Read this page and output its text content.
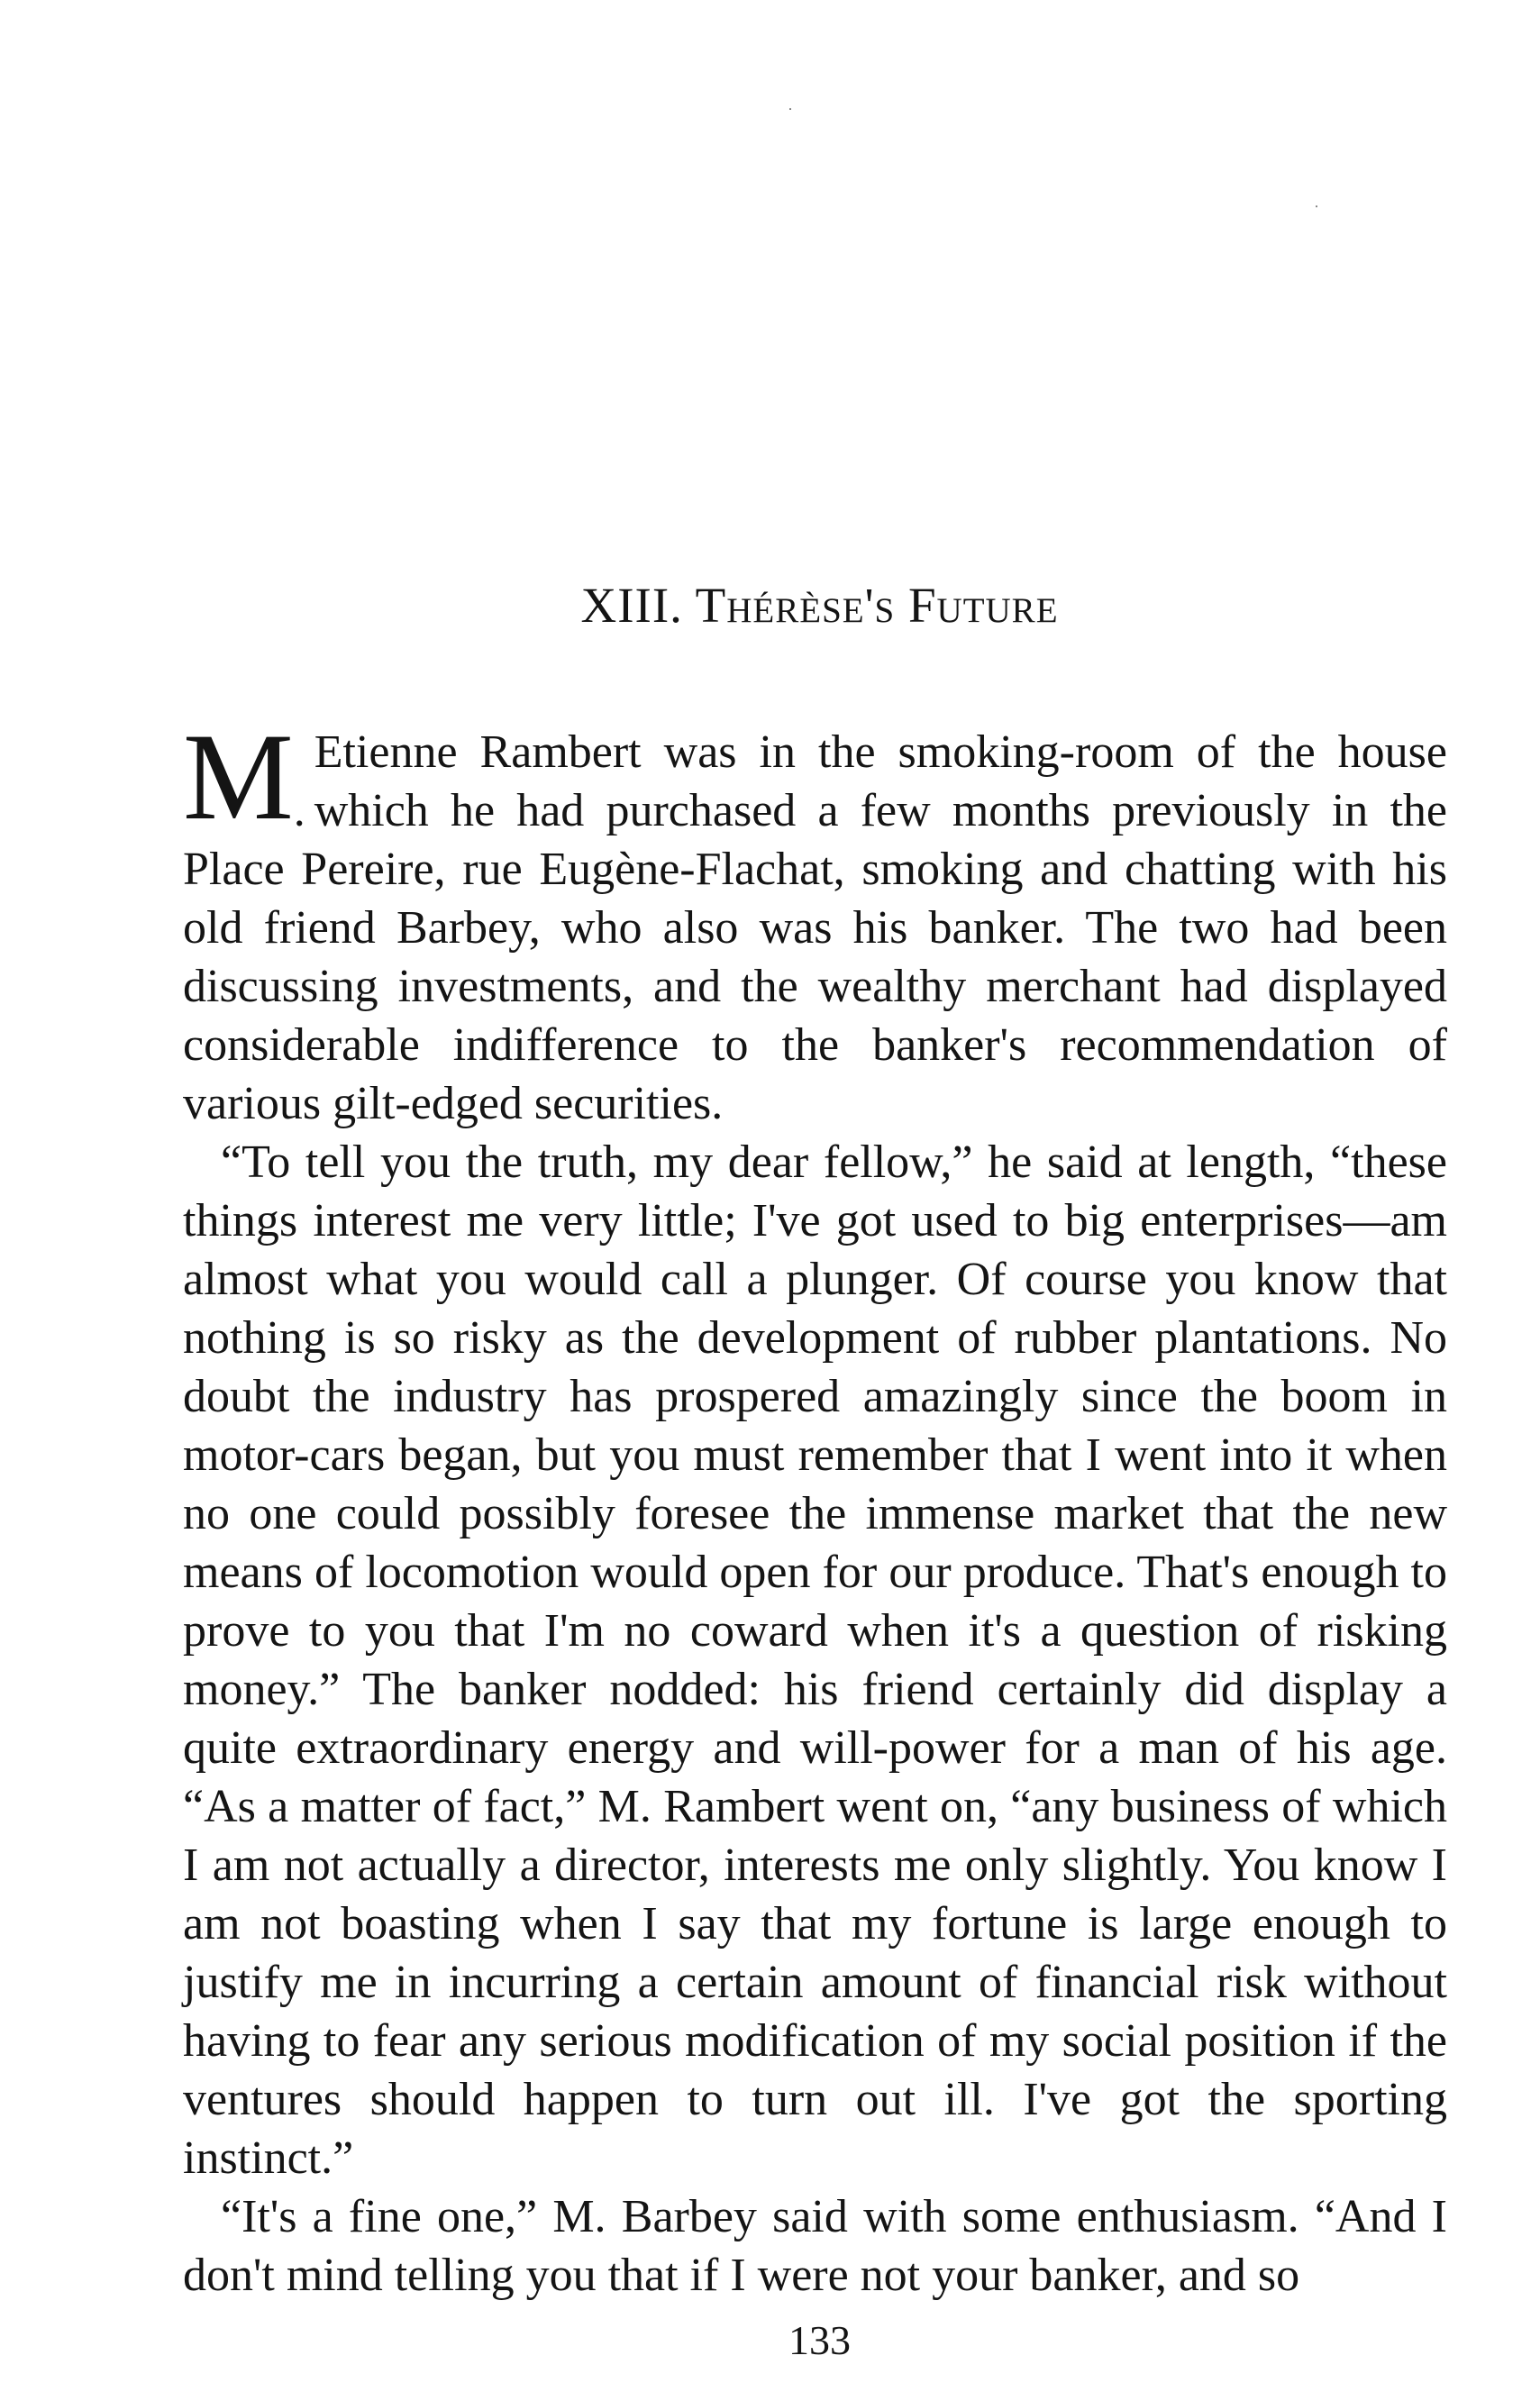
XIII. Thérèse's Future

M .
Etienne Rambert was in the smoking-room of the house which he had purchased a few months previously in the Place Pereire, rue Eugène-Flachat, smoking and chatting with his old friend Barbey, who also was his banker. The two had been discussing investments, and the wealthy merchant had displayed considerable indifference to the banker's recommendation of various gilt-edged securities.

“To tell you the truth, my dear fellow,” he said at length, “these things interest me very little; I've got used to big enterprises—am almost what you would call a plunger. Of course you know that nothing is so risky as the development of rubber plantations. No doubt the industry has prospered amazingly since the boom in motor-cars began, but you must remember that I went into it when no one could possibly foresee the immense market that the new means of locomotion would open for our produce. That's enough to prove to you that I'm no coward when it's a question of risking money.” The banker nodded: his friend certainly did display a quite extraordinary energy and will-power for a man of his age. “As a matter of fact,” M. Rambert went on, “any business of which I am not actually a director, interests me only slightly. You know I am not boasting when I say that my fortune is large enough to justify me in incurring a certain amount of financial risk without having to fear any serious modification of my social position if the ventures should happen to turn out ill. I've got the sporting instinct.”

“It's a fine one,” M. Barbey said with some enthusiasm. “And I don't mind telling you that if I were not your banker, and so

133
